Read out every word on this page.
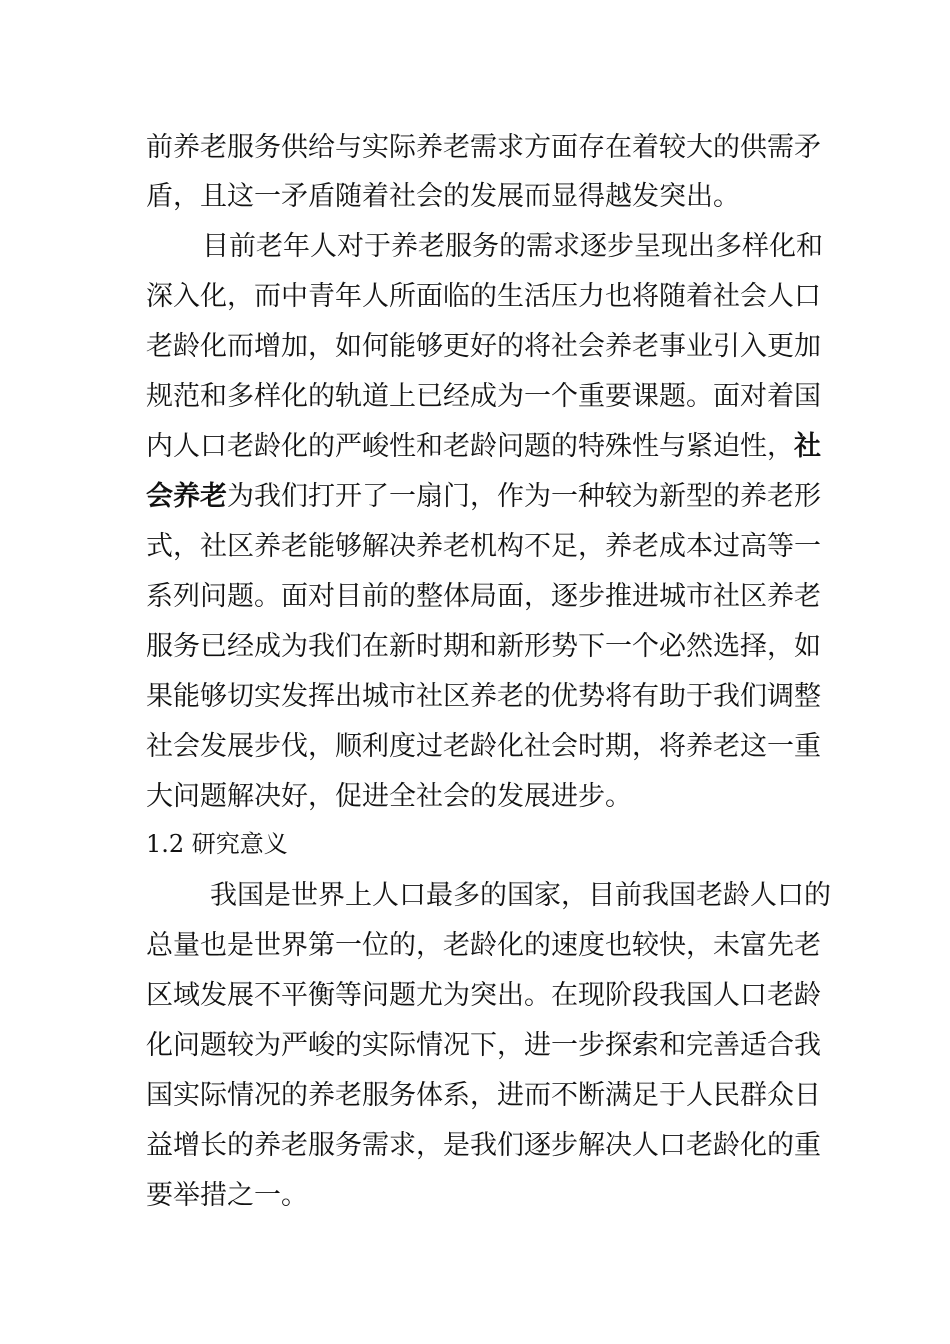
前养老服务供给与实际养老需求方面存在着较大的供需矛
盾，且这一矛盾随着社会的发展而显得越发突出。
目前老年人对于养老服务的需求逐步呈现出多样化和
深入化，而中青年人所面临的生活压力也将随着社会人口
老龄化而增加，如何能够更好的将社会养老事业引入更加
规范和多样化的轨道上已经成为一个重要课题。面对着国
内人口老龄化的严峻性和老龄问题的特殊性与紧迫性，社
会养老为我们打开了一扇门，作为一种较为新型的养老形
式，社区养老能够解决养老机构不足，养老成本过高等一
系列问题。面对目前的整体局面，逐步推进城市社区养老
服务已经成为我们在新时期和新形势下一个必然选择，如
果能够切实发挥出城市社区养老的优势将有助于我们调整
社会发展步伐，顺利度过老龄化社会时期，将养老这一重
大问题解决好，促进全社会的发展进步。
1.2 研究意义
我国是世界上人口最多的国家，目前我国老龄人口的
总量也是世界第一位的，老龄化的速度也较快，未富先老
区域发展不平衡等问题尤为突出。在现阶段我国人口老龄
化问题较为严峻的实际情况下，进一步探索和完善适合我
国实际情况的养老服务体系，进而不断满足于人民群众日
益增长的养老服务需求，是我们逐步解决人口老龄化的重
要举措之一。
